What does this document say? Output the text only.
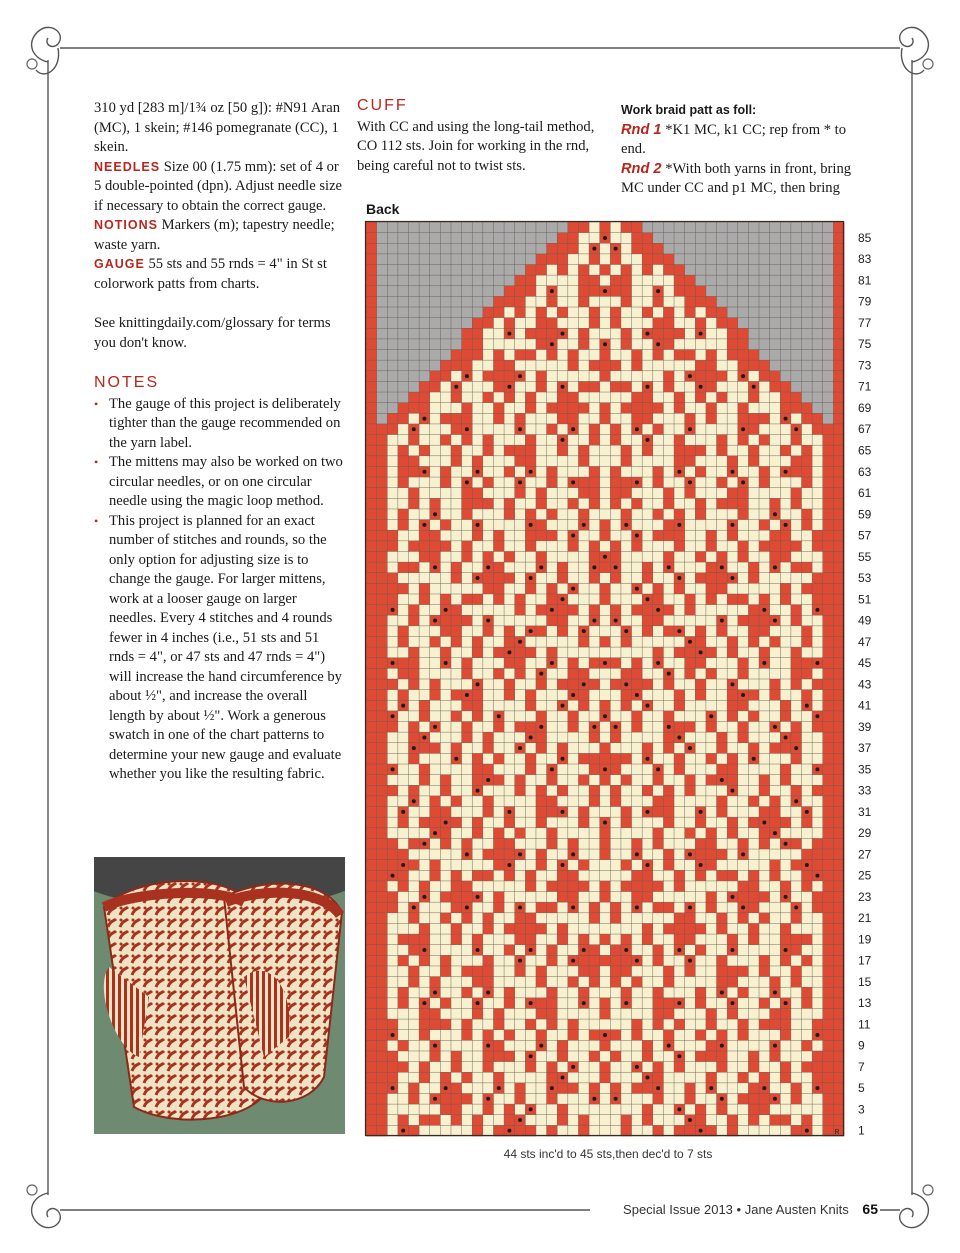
310 yd [283 m]/1¾ oz [50 g]): #N91 Aran (MC), 1 skein; #146 pomegranate (CC), 1 skein.

NEEDLES Size 00 (1.75 mm): set of 4 or 5 double-pointed (dpn). Adjust needle size if necessary to obtain the correct gauge.

NOTIONS Markers (m); tapestry needle; waste yarn.

GAUGE 55 sts and 55 rnds = 4" in St st colorwork patts from charts.

See knittingdaily.com/glossary for terms you don't know.

NOTES
• The gauge of this project is deliberately tighter than the gauge recommended on the yarn label.
• The mittens may also be worked on two circular needles, or on one circular needle using the magic loop method.
• This project is planned for an exact number of stitches and rounds, so the only option for adjusting size is to change the gauge. For larger mittens, work at a looser gauge on larger needles. Every 4 stitches and 4 rounds fewer in 4 inches (i.e., 51 sts and 51 rnds = 4", or 47 sts and 47 rnds = 4") will increase the hand circumference by about ½", and increase the overall length by about ½". Work a generous swatch in one of the chart patterns to determine your new gauge and evaluate whether you like the resulting fabric.
CUFF

With CC and using the long-tail method, CO 112 sts. Join for working in the rnd, being careful not to twist sts.

Work braid patt as foll:

Rnd 1 *K1 MC, k1 CC; rep from * to end.

Rnd 2 *With both yarns in front, bring MC under CC and p1 MC, then bring

Back
85
83
81
79
77
75
73
71
69
67
65
63
61
59
57
55
53
51
49
47
45
43
41
39
37
35
33
31
29
27
25
23
21
19
17
15
13
11
9
7
5
3
1
R
44 sts inc'd to 45 sts,then dec'd to 7 sts
Special Issue 2013 • Jane Austen Knits 65
